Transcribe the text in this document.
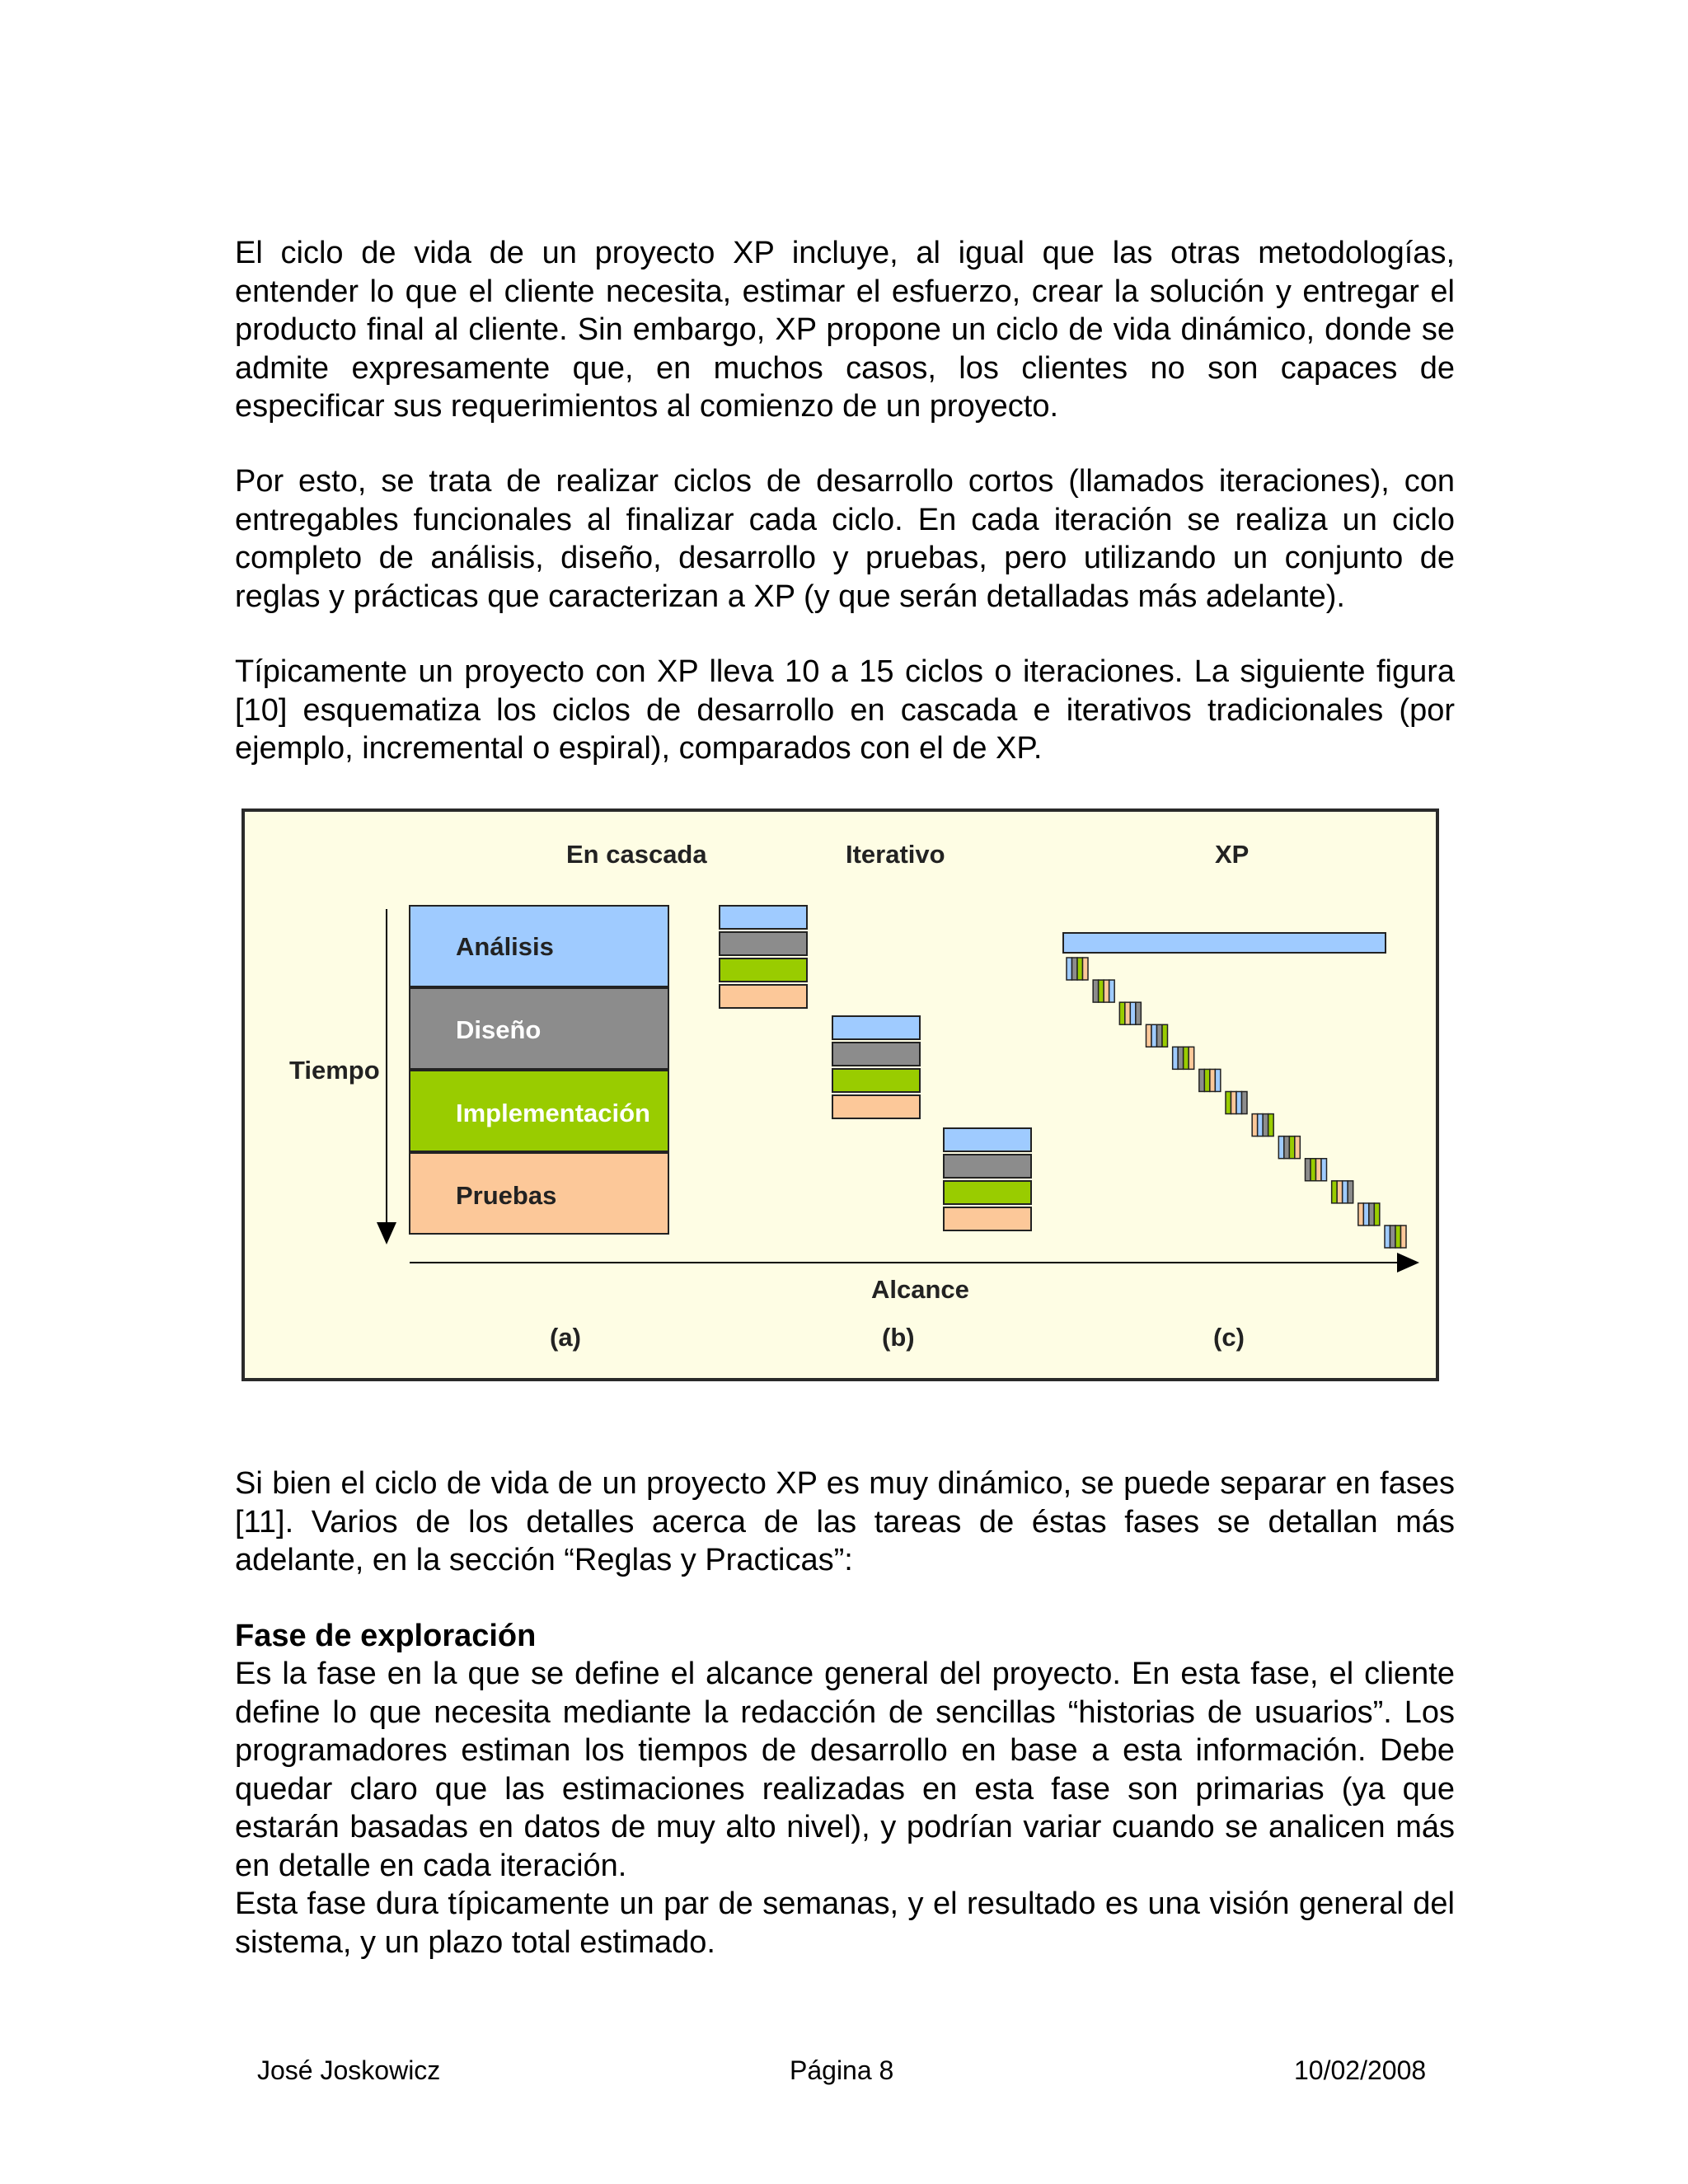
El ciclo de vida de un proyecto XP incluye, al igual que las otras metodologías, entender lo que el cliente necesita, estimar el esfuerzo, crear la solución y entregar el producto final al cliente. Sin embargo, XP propone un ciclo de vida dinámico, donde se admite expresamente que, en muchos casos, los clientes no son capaces de especificar sus requerimientos al comienzo de un proyecto.

Por esto, se trata de realizar ciclos de desarrollo cortos (llamados iteraciones), con entregables funcionales al finalizar cada ciclo. En cada iteración se realiza un ciclo completo de análisis, diseño, desarrollo y pruebas, pero utilizando un conjunto de reglas y prácticas que caracterizan a XP (y que serán detalladas más adelante).

Típicamente un proyecto con XP lleva 10 a 15 ciclos o iteraciones. La siguiente figura [10] esquematiza los ciclos de desarrollo en cascada e iterativos tradicionales (por ejemplo, incremental o espiral), comparados con el de XP.

En cascada	Iterativo	XP
Tiempo
Análisis
Diseño
Implementación
Pruebas
Alcance
(a)	(b)	(c)

Si bien el ciclo de vida de un proyecto XP es muy dinámico, se puede separar en fases [11]. Varios de los detalles acerca de las tareas de éstas fases se detallan más adelante, en la sección “Reglas y Practicas”:

Fase de exploración

Es la fase en la que se define el alcance general del proyecto. En esta fase, el cliente define lo que necesita mediante la redacción de sencillas “historias de usuarios”. Los programadores estiman los tiempos de desarrollo en base a esta información. Debe quedar claro que las estimaciones realizadas en esta fase son primarias (ya que estarán basadas en datos de muy alto nivel), y podrían variar cuando se analicen más en detalle en cada iteración.

Esta fase dura típicamente un par de semanas, y el resultado es una visión general del sistema, y un plazo total estimado.

José Joskowicz	Página 8	10/02/2008
